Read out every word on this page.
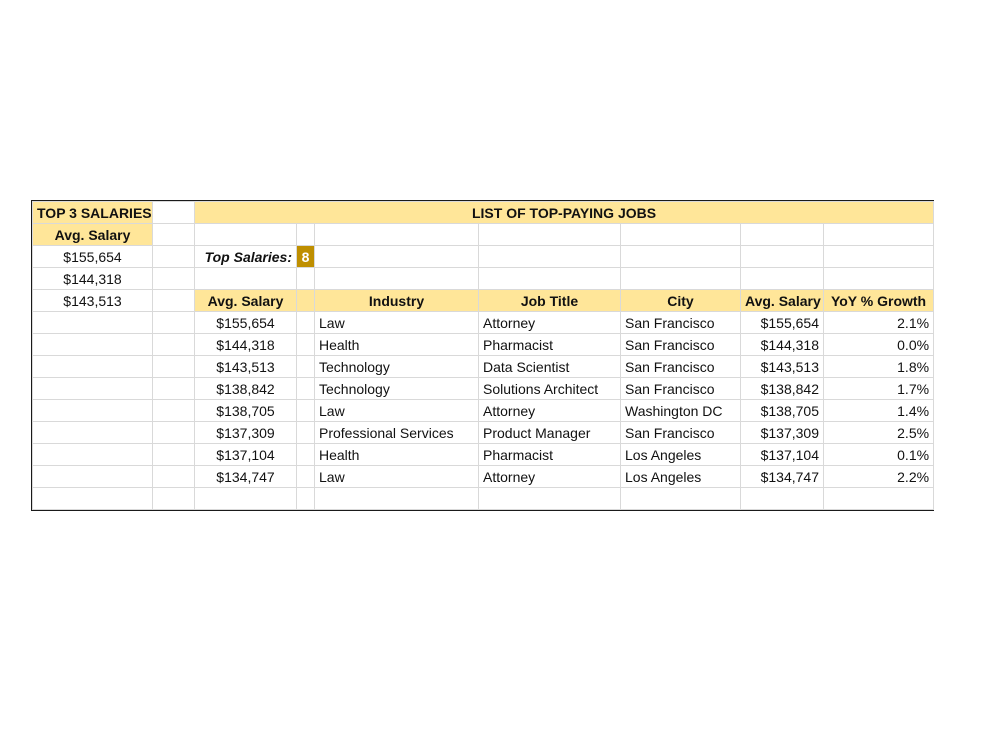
TOP 3 SALARIES		LIST OF TOP-PAYING JOBS						
Avg. Salary								
$155,654		Top Salaries:	8					
$144,318								
$143,513		Avg. Salary		Industry	Job Title	City	Avg. Salary	YoY % Growth
		$155,654		Law	Attorney	San Francisco	$155,654	2.1%
		$144,318		Health	Pharmacist	San Francisco	$144,318	0.0%
		$143,513		Technology	Data Scientist	San Francisco	$143,513	1.8%
		$138,842		Technology	Solutions Architect	San Francisco	$138,842	1.7%
		$138,705		Law	Attorney	Washington DC	$138,705	1.4%
		$137,309		Professional Services	Product Manager	San Francisco	$137,309	2.5%
		$137,104		Health	Pharmacist	Los Angeles	$137,104	0.1%
		$134,747		Law	Attorney	Los Angeles	$134,747	2.2%
